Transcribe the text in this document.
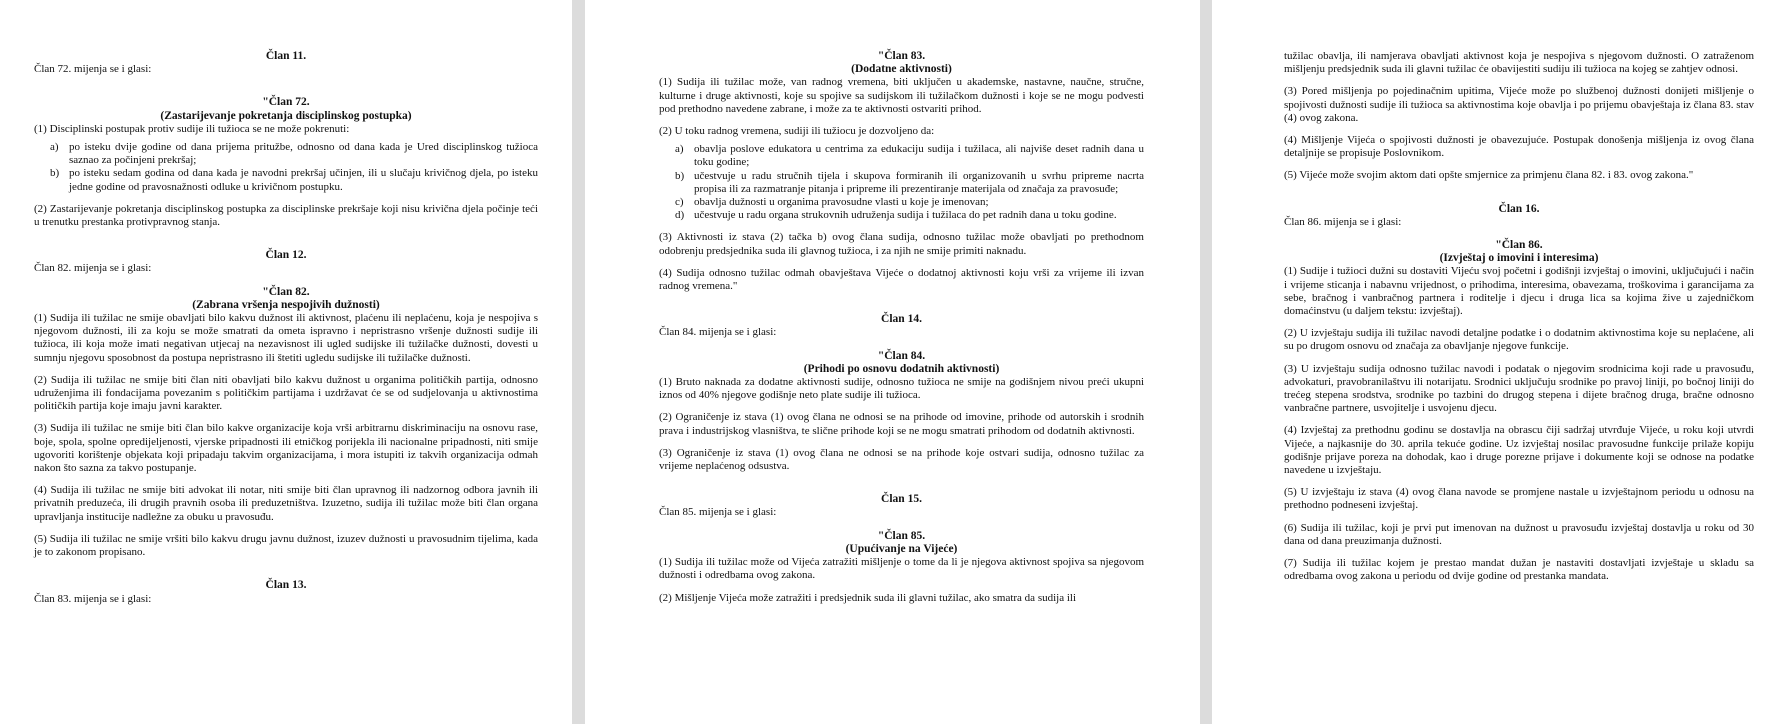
Član 11.
Član 72. mijenja se i glasi:
"Član 72.
(Zastarijevanje pokretanja disciplinskog postupka)
(1) Disciplinski postupak protiv sudije ili tužioca se ne može pokrenuti:
a) po isteku dvije godine od dana prijema pritužbe, odnosno od dana kada je Ured disciplinskog tužioca saznao za počinjeni prekršaj;
b) po isteku sedam godina od dana kada je navodni prekršaj učinjen, ili u slučaju krivičnog djela, po isteku jedne godine od pravosnažnosti odluke u krivičnom postupku.
(2) Zastarijevanje pokretanja disciplinskog postupka za disciplinske prekršaje koji nisu krivična djela počinje teći u trenutku prestanka protivpravnog stanja.
Član 12.
Član 82. mijenja se i glasi:
"Član 82.
(Zabrana vršenja nespojivih dužnosti)
(1) Sudija ili tužilac ne smije obavljati bilo kakvu dužnost ili aktivnost, plaćenu ili neplaćenu, koja je nespojiva s njegovom dužnosti, ili za koju se može smatrati da ometa ispravno i nepristrasno vršenje dužnosti sudije ili tužioca, ili koja može imati negativan utjecaj na nezavisnost ili ugled sudijske ili tužilačke dužnosti, dovesti u sumnju njegovu sposobnost da postupa nepristrasno ili štetiti ugledu sudijske ili tužilačke dužnosti.
(2) Sudija ili tužilac ne smije biti član niti obavljati bilo kakvu dužnost u organima političkih partija, odnosno udruženjima ili fondacijama povezanim s političkim partijama i uzdržavat će se od sudjelovanja u aktivnostima političkih partija koje imaju javni karakter.
(3) Sudija ili tužilac ne smije biti član bilo kakve organizacije koja vrši arbitrarnu diskriminaciju na osnovu rase, boje, spola, spolne opredijeljenosti, vjerske pripadnosti ili etničkog porijekla ili nacionalne pripadnosti, niti smije ugovoriti korištenje objekata koji pripadaju takvim organizacijama, i mora istupiti iz takvih organizacija odmah nakon što sazna za takvo postupanje.
(4) Sudija ili tužilac ne smije biti advokat ili notar, niti smije biti član upravnog ili nadzornog odbora javnih ili privatnih preduzeća, ili drugih pravnih osoba ili preduzetništva. Izuzetno, sudija ili tužilac može biti član organa upravljanja institucije nadležne za obuku u pravosuđu.
(5) Sudija ili tužilac ne smije vršiti bilo kakvu drugu javnu dužnost, izuzev dužnosti u pravosudnim tijelima, kada je to zakonom propisano.
Član 13.
Član 83. mijenja se i glasi:
"Član 83.
(Dodatne aktivnosti)
(1) Sudija ili tužilac može, van radnog vremena, biti uključen u akademske, nastavne, naučne, stručne, kulturne i druge aktivnosti, koje su spojive sa sudijskom ili tužilačkom dužnosti i koje se ne mogu podvesti pod prethodno navedene zabrane, i može za te aktivnosti ostvariti prihod.
(2) U toku radnog vremena, sudiji ili tužiocu je dozvoljeno da:
a) obavlja poslove edukatora u centrima za edukaciju sudija i tužilaca, ali najviše deset radnih dana u toku godine;
b) učestvuje u radu stručnih tijela i skupova formiranih ili organizovanih u svrhu pripreme nacrta propisa ili za razmatranje pitanja i pripreme ili prezentiranje materijala od značaja za pravosuđe;
c) obavlja dužnosti u organima pravosudne vlasti u koje je imenovan;
d) učestvuje u radu organa strukovnih udruženja sudija i tužilaca do pet radnih dana u toku godine.
(3) Aktivnosti iz stava (2) tačka b) ovog člana sudija, odnosno tužilac može obavljati po prethodnom odobrenju predsjednika suda ili glavnog tužioca, i za njih ne smije primiti naknadu.
(4) Sudija odnosno tužilac odmah obavještava Vijeće o dodatnoj aktivnosti koju vrši za vrijeme ili izvan radnog vremena."
Član 14.
Član 84. mijenja se i glasi:
"Član 84.
(Prihodi po osnovu dodatnih aktivnosti)
(1) Bruto naknada za dodatne aktivnosti sudije, odnosno tužioca ne smije na godišnjem nivou preći ukupni iznos od 40% njegove godišnje neto plate sudije ili tužioca.
(2) Ograničenje iz stava (1) ovog člana ne odnosi se na prihode od imovine, prihode od autorskih i srodnih prava i industrijskog vlasništva, te slične prihode koji se ne mogu smatrati prihodom od dodatnih aktivnosti.
(3) Ograničenje iz stava (1) ovog člana ne odnosi se na prihode koje ostvari sudija, odnosno tužilac za vrijeme neplaćenog odsustva.
Član 15.
Član 85. mijenja se i glasi:
"Član 85.
(Upućivanje na Vijeće)
(1) Sudija ili tužilac može od Vijeća zatražiti mišljenje o tome da li je njegova aktivnost spojiva sa njegovom dužnosti i odredbama ovog zakona.
(2) Mišljenje Vijeća može zatražiti i predsjednik suda ili glavni tužilac, ako smatra da sudija ili
tužilac obavlja, ili namjerava obavljati aktivnost koja je nespojiva s njegovom dužnosti. O zatraženom mišljenju predsjednik suda ili glavni tužilac će obavijestiti sudiju ili tužioca na kojeg se zahtjev odnosi.
(3) Pored mišljenja po pojedinačnim upitima, Vijeće može po službenoj dužnosti donijeti mišljenje o spojivosti dužnosti sudije ili tužioca sa aktivnostima koje obavlja i po prijemu obavještaja iz člana 83. stav (4) ovog zakona.
(4) Mišljenje Vijeća o spojivosti dužnosti je obavezujuće. Postupak donošenja mišljenja iz ovog člana detaljnije se propisuje Poslovnikom.
(5) Vijeće može svojim aktom dati opšte smjernice za primjenu člana 82. i 83. ovog zakona."
Član 16.
Član 86. mijenja se i glasi:
"Član 86.
(Izvještaj o imovini i interesima)
(1) Sudije i tužioci dužni su dostaviti Vijeću svoj početni i godišnji izvještaj o imovini, uključujući i način i vrijeme sticanja i nabavnu vrijednost, o prihodima, interesima, obavezama, troškovima i garancijama za sebe, bračnog i vanbračnog partnera i roditelje i djecu i druga lica sa kojima žive u zajedničkom domaćinstvu (u daljem tekstu: izvještaj).
(2) U izvještaju sudija ili tužilac navodi detaljne podatke i o dodatnim aktivnostima koje su neplaćene, ali su po drugom osnovu od značaja za obavljanje njegove funkcije.
(3) U izvještaju sudija odnosno tužilac navodi i podatak o njegovim srodnicima koji rade u pravosuđu, advokaturi, pravobranilaštvu ili notarijatu. Srodnici uključuju srodnike po pravoj liniji, po bočnoj liniji do trećeg stepena srodstva, srodnike po tazbini do drugog stepena i dijete bračnog druga, bračne odnosno vanbračne partnere, usvojitelje i usvojenu djecu.
(4) Izvještaj za prethodnu godinu se dostavlja na obrascu čiji sadržaj utvrđuje Vijeće, u roku koji utvrdi Vijeće, a najkasnije do 30. aprila tekuće godine. Uz izvještaj nosilac pravosudne funkcije prilaže kopiju godišnje prijave poreza na dohodak, kao i druge porezne prijave i dokumente koji se odnose na podatke navedene u izvještaju.
(5) U izvještaju iz stava (4) ovog člana navode se promjene nastale u izvještajnom periodu u odnosu na prethodno podneseni izvještaj.
(6) Sudija ili tužilac, koji je prvi put imenovan na dužnost u pravosuđu izvještaj dostavlja u roku od 30 dana od dana preuzimanja dužnosti.
(7) Sudija ili tužilac kojem je prestao mandat dužan je nastaviti dostavljati izvještaje u skladu sa odredbama ovog zakona u periodu od dvije godine od prestanka mandata.
